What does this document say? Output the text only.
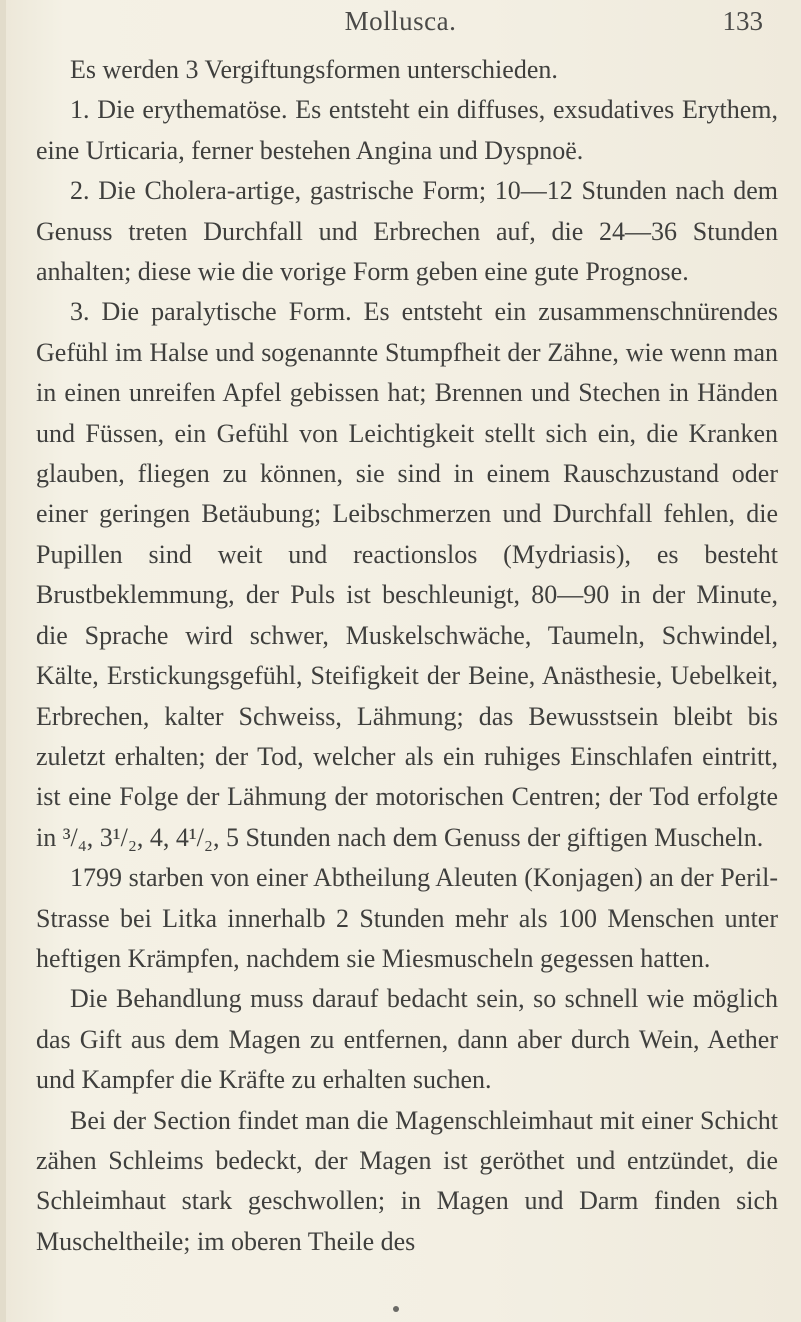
Mollusca.	133

Es werden 3 Vergiftungsformen unterschieden.

1. Die erythematöse. Es entsteht ein diffuses, exsudatives Erythem, eine Urticaria, ferner bestehen Angina und Dyspnoë.

2. Die Cholera-artige, gastrische Form; 10—12 Stunden nach dem Genuss treten Durchfall und Erbrechen auf, die 24—36 Stunden anhalten; diese wie die vorige Form geben eine gute Prognose.

3. Die paralytische Form. Es entsteht ein zusammenschnürendes Gefühl im Halse und sogenannte Stumpfheit der Zähne, wie wenn man in einen unreifen Apfel gebissen hat; Brennen und Stechen in Händen und Füssen, ein Gefühl von Leichtigkeit stellt sich ein, die Kranken glauben, fliegen zu können, sie sind in einem Rauschzustand oder einer geringen Betäubung; Leibschmerzen und Durchfall fehlen, die Pupillen sind weit und reactionslos (Mydriasis), es besteht Brustbeklemmung, der Puls ist beschleunigt, 80—90 in der Minute, die Sprache wird schwer, Muskelschwäche, Taumeln, Schwindel, Kälte, Erstickungsgefühl, Steifigkeit der Beine, Anästhesie, Uebelkeit, Erbrechen, kalter Schweiss, Lähmung; das Bewusstsein bleibt bis zuletzt erhalten; der Tod, welcher als ein ruhiges Einschlafen eintritt, ist eine Folge der Lähmung der motorischen Centren; der Tod erfolgte in ³/₄, 3¹/₂, 4, 4¹/₂, 5 Stunden nach dem Genuss der giftigen Muscheln.

1799 starben von einer Abtheilung Aleuten (Konjagen) an der Peril-Strasse bei Litka innerhalb 2 Stunden mehr als 100 Menschen unter heftigen Krämpfen, nachdem sie Miesmuscheln gegessen hatten.

Die Behandlung muss darauf bedacht sein, so schnell wie möglich das Gift aus dem Magen zu entfernen, dann aber durch Wein, Aether und Kampfer die Kräfte zu erhalten suchen.

Bei der Section findet man die Magenschleimhaut mit einer Schicht zähen Schleims bedeckt, der Magen ist geröthet und entzündet, die Schleimhaut stark geschwollen; in Magen und Darm finden sich Muscheltheile; im oberen Theile des
